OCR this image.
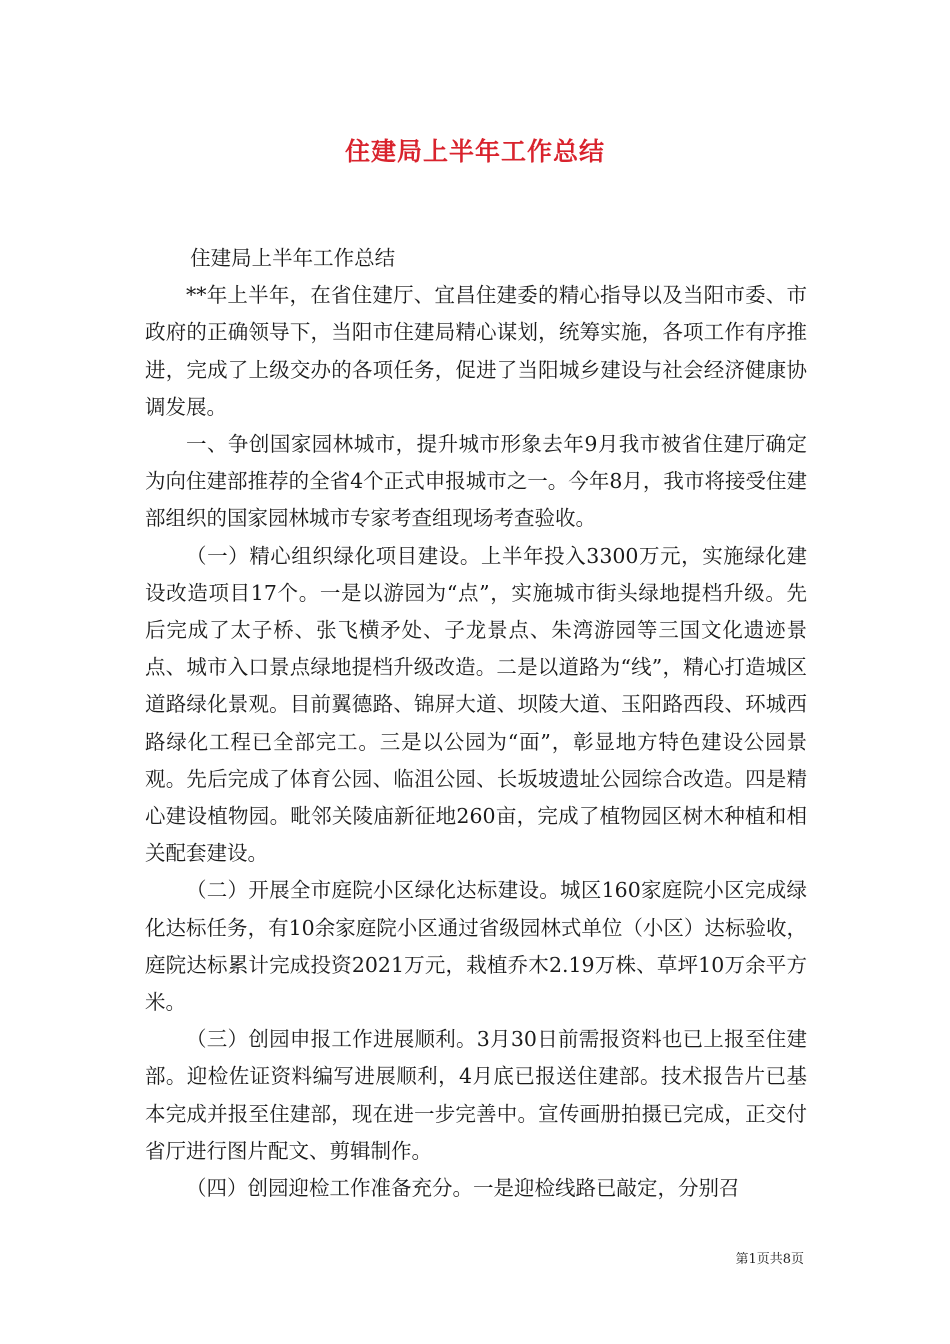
住建局上半年工作总结

住建局上半年工作总结

**年上半年，在省住建厅、宜昌住建委的精心指导以及当阳市委、市政府的正确领导下，当阳市住建局精心谋划，统筹实施，各项工作有序推进，完成了上级交办的各项任务，促进了当阳城乡建设与社会经济健康协调发展。

一、争创国家园林城市，提升城市形象去年9月我市被省住建厅确定为向住建部推荐的全省4个正式申报城市之一。今年8月，我市将接受住建部组织的国家园林城市专家考查组现场考查验收。

（一）精心组织绿化项目建设。上半年投入3300万元，实施绿化建设改造项目17个。一是以游园为“点”，实施城市街头绿地提档升级。先后完成了太子桥、张飞横矛处、子龙景点、朱湾游园等三国文化遗迹景点、城市入口景点绿地提档升级改造。二是以道路为“线”，精心打造城区道路绿化景观。目前翼德路、锦屏大道、坝陵大道、玉阳路西段、环城西路绿化工程已全部完工。三是以公园为“面”，彰显地方特色建设公园景观。先后完成了体育公园、临沮公园、长坂坡遗址公园综合改造。四是精心建设植物园。毗邻关陵庙新征地260亩，完成了植物园区树木种植和相关配套建设。

（二）开展全市庭院小区绿化达标建设。城区160家庭院小区完成绿化达标任务，有10余家庭院小区通过省级园林式单位（小区）达标验收，庭院达标累计完成投资2021万元，栽植乔木2.19万株、草坪10万余平方米。

（三）创园申报工作进展顺利。3月30日前需报资料也已上报至住建部。迎检佐证资料编写进展顺利，4月底已报送住建部。技术报告片已基本完成并报至住建部，现在进一步完善中。宣传画册拍摄已完成，正交付省厅进行图片配文、剪辑制作。

（四）创园迎检工作准备充分。一是迎检线路已敲定，分别召

第1页共8页
